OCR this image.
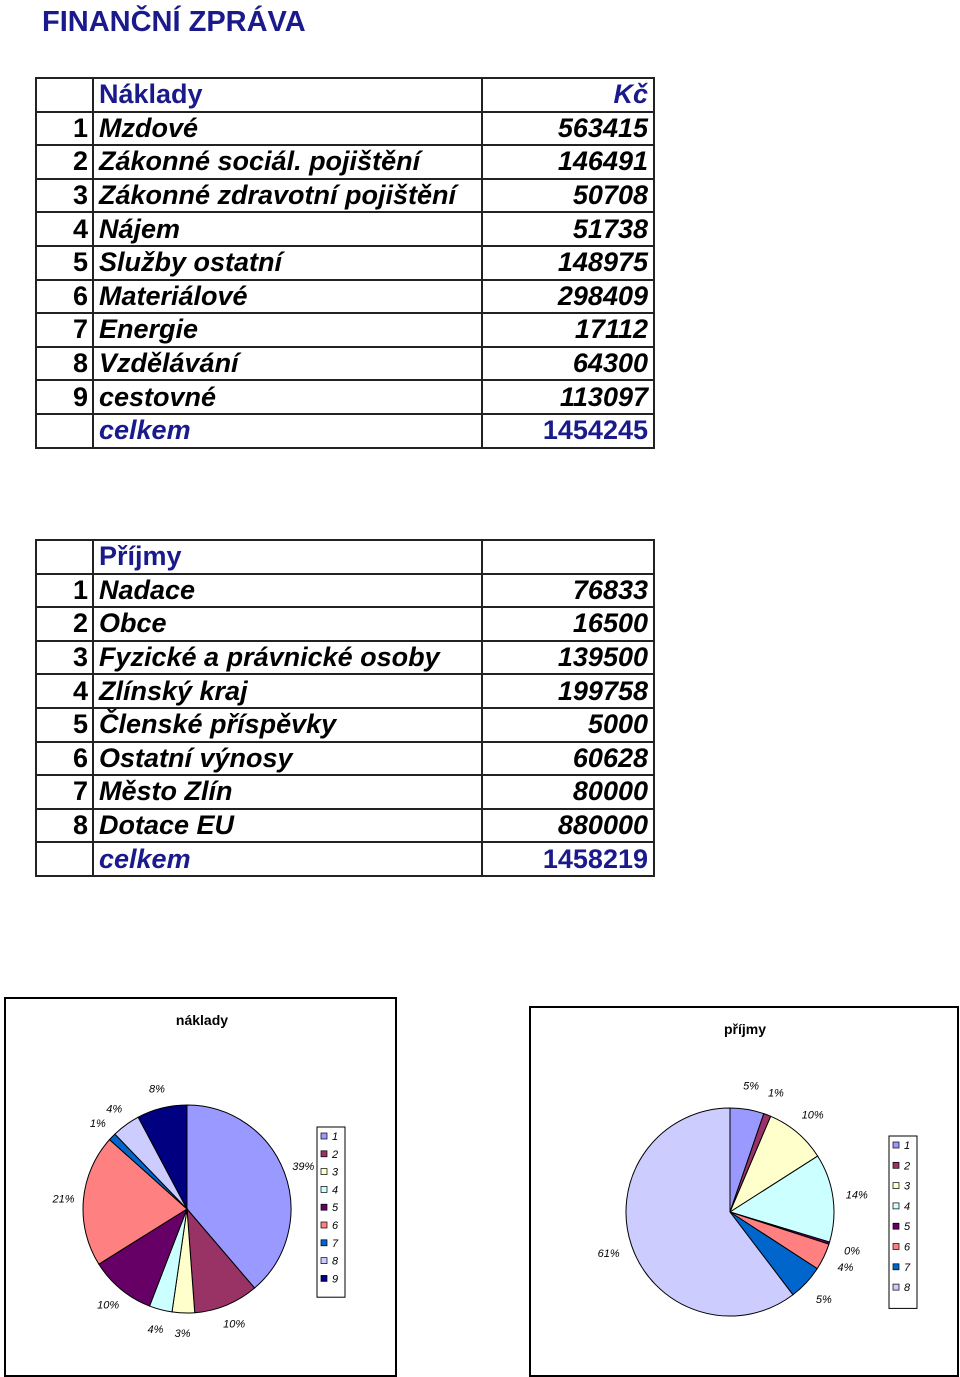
FINANČNÍ ZPRÁVA
	Náklady	Kč
1	Mzdové	563415
2	Zákonné sociál. pojištění	146491
3	Zákonné zdravotní pojištění	50708
4	Nájem	51738
5	Služby ostatní	148975
6	Materiálové	298409
7	Energie	17112
8	Vzdělávání	64300
9	cestovné	113097
	celkem	1454245
	Příjmy	
1	Nadace	76833
2	Obce	16500
3	Fyzické a právnické osoby	139500
4	Zlínský kraj	199758
5	Členské příspěvky	5000
6	Ostatní výnosy	60628
7	Město Zlín	80000
8	Dotace EU	880000
	celkem	1458219
náklady
39%
10%
3%
4%
10%
21%
1%
4%
8%
1
2
3
4
5
6
7
8
9
příjmy
5%
1%
10%
14%
0%
4%
5%
61%
1
2
3
4
5
6
7
8
